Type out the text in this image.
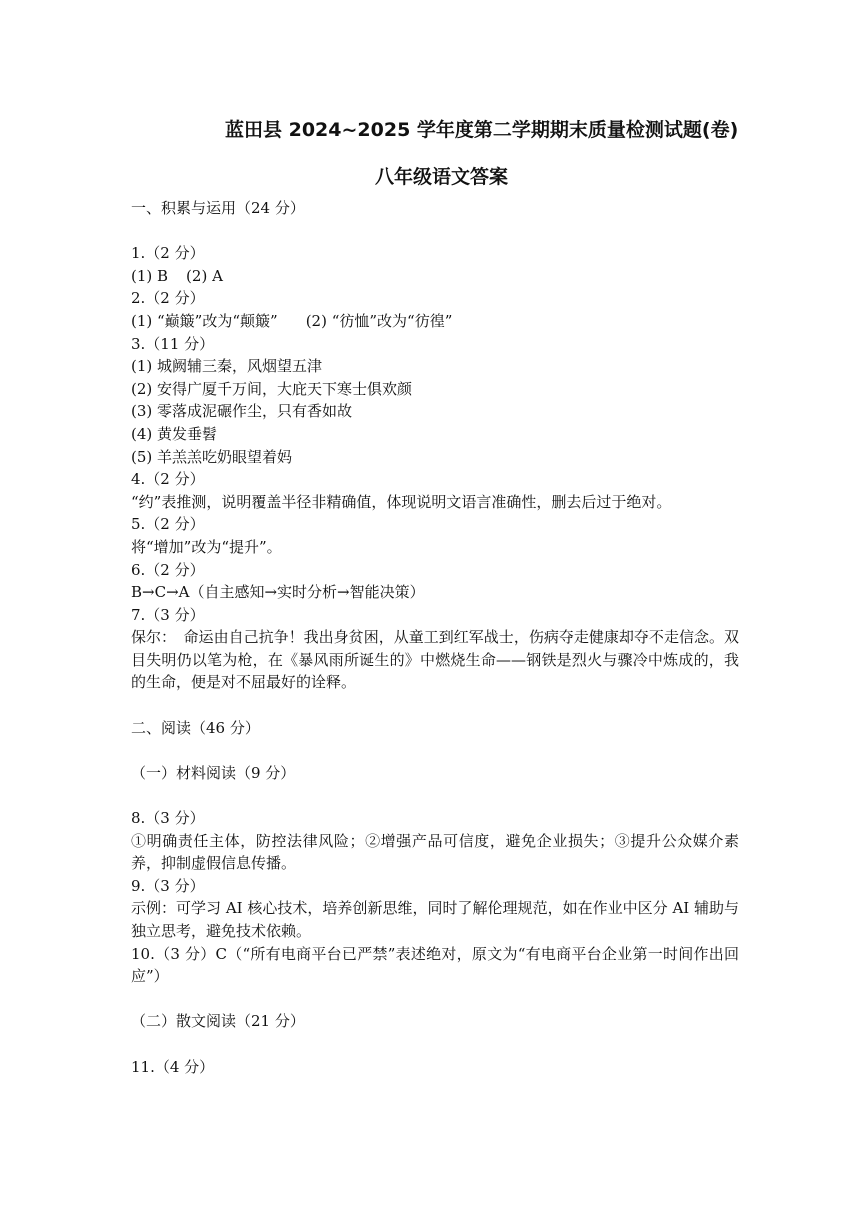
蓝田县 2024~2025 学年度第二学期期末质量检测试题(卷)
八年级语文答案
一、积累与运用（24 分）
1.（2 分）
(1) B (2) A
2.（2 分）
(1) “巅簸”改为“颠簸” (2) “彷恤”改为“彷徨”
3.（11 分）
(1) 城阙辅三秦，风烟望五津
(2) 安得广厦千万间，大庇天下寒士俱欢颜
(3) 零落成泥碾作尘，只有香如故
(4) 黄发垂髫
(5) 羊羔羔吃奶眼望着妈
4.（2 分）
“约”表推测，说明覆盖半径非精确值，体现说明文语言准确性，删去后过于绝对。
5.（2 分）
将“增加”改为“提升”。
6.（2 分）
B→C→A（自主感知→实时分析→智能决策）
7.（3 分）
保尔：　命运由自己抗争！我出身贫困，从童工到红军战士，伤病夺走健康却夺不走信念。双目失明仍以笔为枪，在《暴风雨所诞生的》中燃烧生命——钢铁是烈火与骤冷中炼成的，我的生命，便是对不屈最好的诠释。
二、阅读（46 分）
（一）材料阅读（9 分）
8.（3 分）
①明确责任主体，防控法律风险；②增强产品可信度，避免企业损失；③提升公众媒介素养，抑制虚假信息传播。
9.（3 分）
示例：可学习 AI 核心技术，培养创新思维，同时了解伦理规范，如在作业中区分 AI 辅助与独立思考，避免技术依赖。
10.（3 分）C（“所有电商平台已严禁”表述绝对，原文为“有电商平台企业第一时间作出回应”）
（二）散文阅读（21 分）
11.（4 分）
